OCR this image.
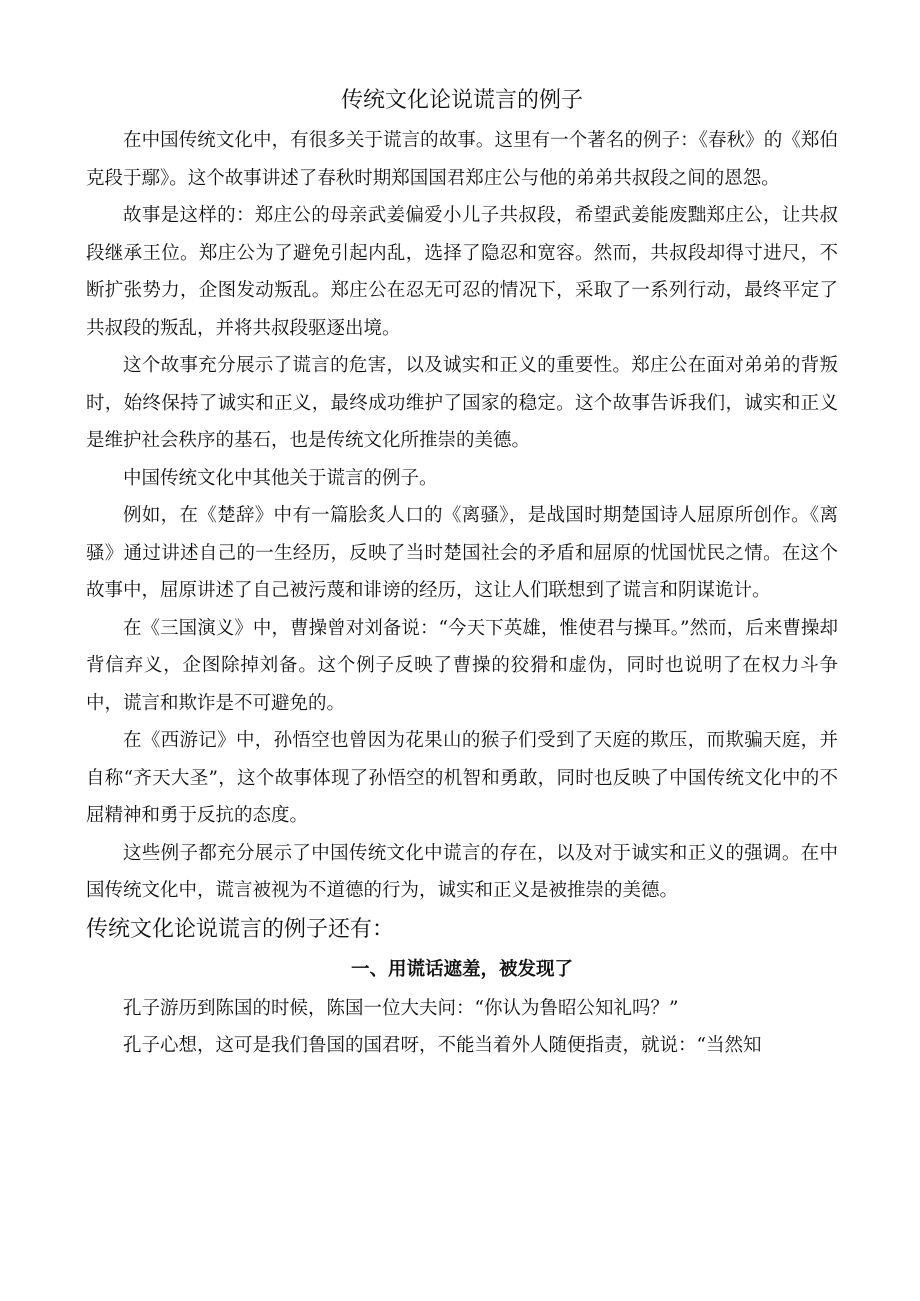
传统文化论说谎言的例子

在中国传统文化中，有很多关于谎言的故事。这里有一个著名的例子：《春秋》的《郑伯克段于鄢》。这个故事讲述了春秋时期郑国国君郑庄公与他的弟弟共叔段之间的恩怨。

故事是这样的：郑庄公的母亲武姜偏爱小儿子共叔段，希望武姜能废黜郑庄公，让共叔段继承王位。郑庄公为了避免引起内乱，选择了隐忍和宽容。然而，共叔段却得寸进尺，不断扩张势力，企图发动叛乱。郑庄公在忍无可忍的情况下，采取了一系列行动，最终平定了共叔段的叛乱，并将共叔段驱逐出境。

这个故事充分展示了谎言的危害，以及诚实和正义的重要性。郑庄公在面对弟弟的背叛时，始终保持了诚实和正义，最终成功维护了国家的稳定。这个故事告诉我们，诚实和正义是维护社会秩序的基石，也是传统文化所推崇的美德。

中国传统文化中其他关于谎言的例子。

例如，在《楚辞》中有一篇脍炙人口的《离骚》，是战国时期楚国诗人屈原所创作。《离骚》通过讲述自己的一生经历，反映了当时楚国社会的矛盾和屈原的忧国忧民之情。在这个故事中，屈原讲述了自己被污蔑和诽谤的经历，这让人们联想到了谎言和阴谋诡计。

在《三国演义》中，曹操曾对刘备说：“今天下英雄，惟使君与操耳。”然而，后来曹操却背信弃义，企图除掉刘备。这个例子反映了曹操的狡猾和虚伪，同时也说明了在权力斗争中，谎言和欺诈是不可避免的。

在《西游记》中，孙悟空也曾因为花果山的猴子们受到了天庭的欺压，而欺骗天庭，并自称“齐天大圣”，这个故事体现了孙悟空的机智和勇敢，同时也反映了中国传统文化中的不屈精神和勇于反抗的态度。

这些例子都充分展示了中国传统文化中谎言的存在，以及对于诚实和正义的强调。在中国传统文化中，谎言被视为不道德的行为，诚实和正义是被推崇的美德。

传统文化论说谎言的例子还有：
一、用谎话遮羞，被发现了

孔子游历到陈国的时候，陈国一位大夫问：“你认为鲁昭公知礼吗？”

孔子心想，这可是我们鲁国的国君呀，不能当着外人随便指责，就说：“当然知
